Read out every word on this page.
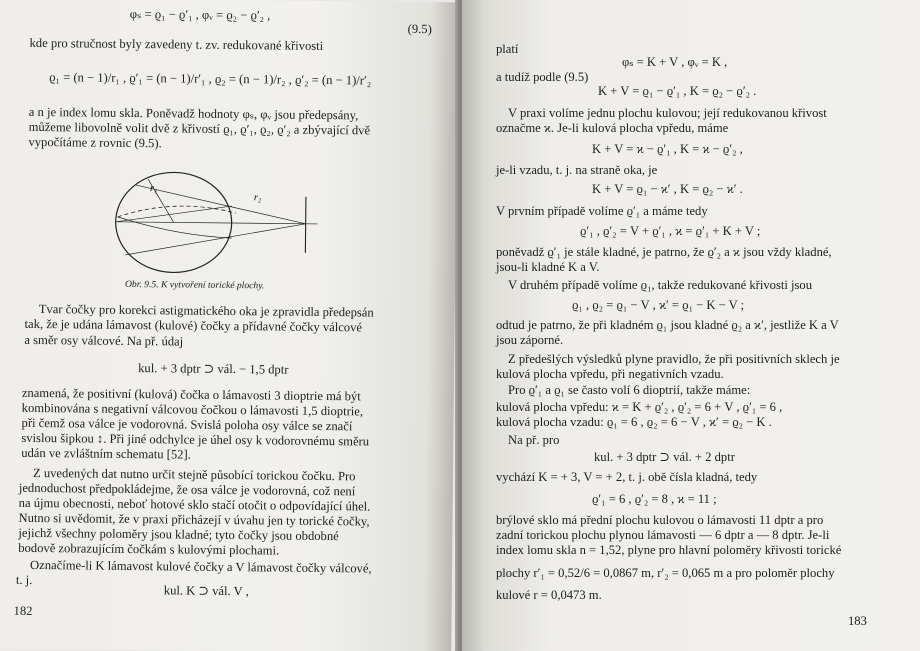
φₛ = ϱ₁ − ϱ′₁ , φᵥ = ϱ₂ − ϱ′₂ ,
(9.5)
kde pro stručnost byly zavedeny t. zv. redukované křivosti
ϱ₁ = (n − 1)/r₁ , ϱ′₁ = (n − 1)/r′₁ , ϱ₂ = (n − 1)/r₂ , ϱ′₂ = (n − 1)/r′₂
a n je index lomu skla. Poněvadž hodnoty φₛ, φᵥ jsou předepsány,
můžeme libovolně volit dvě z křivostí ϱ₁, ϱ′₁, ϱ₂, ϱ′₂ a zbývající dvě
vypočítáme z rovnic (9.5).
r₁
r₂
Obr. 9.5. K vytvoření torické plochy.
Tvar čočky pro korekci astigmatického oka je zpravidla předepsán
tak, že je udána lámavost (kulové) čočky a přídavné čočky válcové
a směr osy válcové. Na př. údaj
kul. + 3 dptr ⊃ vál. − 1,5 dptr
znamená, že positivní (kulová) čočka o lámavosti 3 dioptrie má být
kombinována s negativní válcovou čočkou o lámavosti 1,5 dioptrie,
při čemž osa válce je vodorovná. Svislá poloha osy válce se značí
svislou šipkou ↕. Při jiné odchylce je úhel osy k vodorovnému směru
udán ve zvláštním schematu [52].
Z uvedených dat nutno určit stejně působící torickou čočku. Pro
jednoduchost předpokládejme, že osa válce je vodorovná, což není
na újmu obecnosti, neboť hotové sklo stačí otočit o odpovídající úhel.
Nutno si uvědomit, že v praxi přicházejí v úvahu jen ty torické čočky,
jejichž všechny poloměry jsou kladné; tyto čočky jsou obdobné
bodově zobrazujícím čočkám s kulovými plochami.
Označíme-li K lámavost kulové čočky a V lámavost čočky válcové,
t. j.
kul. K ⊃ vál. V ,
182
platí
φₛ = K + V , φᵥ = K ,
a tudíž podle (9.5)
K + V = ϱ₁ − ϱ′₁ , K = ϱ₂ − ϱ′₂ .
V praxi volíme jednu plochu kulovou; její redukovanou křivost
označme ϰ. Je-li kulová plocha vpředu, máme
K + V = ϰ − ϱ′₁ , K = ϰ − ϱ′₂ ,
je-li vzadu, t. j. na straně oka, je
K + V = ϱ₁ − ϰ′ , K = ϱ₂ − ϰ′ .
V prvním případě volíme ϱ′₁ a máme tedy
ϱ′₁ , ϱ′₂ = V + ϱ′₁ , ϰ = ϱ′₁ + K + V ;
poněvadž ϱ′₁ je stále kladné, je patrno, že ϱ′₂ a ϰ jsou vždy kladné,
jsou-li kladné K a V.
V druhém případě volíme ϱ₁, takže redukované křivosti jsou
ϱ₁ , ϱ₂ = ϱ₁ − V , ϰ′ = ϱ₁ − K − V ;
odtud je patrno, že při kladném ϱ₁ jsou kladné ϱ₂ a ϰ′, jestliže K a V
jsou záporné.
Z předešlých výsledků plyne pravidlo, že při positivních sklech je
kulová plocha vpředu, při negativních vzadu.
Pro ϱ′₁ a ϱ₁ se často volí 6 dioptrií, takže máme:
kulová plocha vpředu: ϰ = K + ϱ′₂ , ϱ′₂ = 6 + V , ϱ′₁ = 6 ,
kulová plocha vzadu: ϱ₁ = 6 , ϱ₂ = 6 − V , ϰ′ = ϱ₂ − K .
Na př. pro
kul. + 3 dptr ⊃ vál. + 2 dptr
vychází K = + 3, V = + 2, t. j. obě čísla kladná, tedy
ϱ′₁ = 6 , ϱ′₂ = 8 , ϰ = 11 ;
brýlové sklo má přední plochu kulovou o lámavosti 11 dptr a pro
zadní torickou plochu plynou lámavosti — 6 dptr a — 8 dptr. Je-li
index lomu skla n = 1,52, plyne pro hlavní poloměry křivosti torické
plochy r′₁ = 0,52/6 = 0,0867 m, r′₂ = 0,065 m a pro poloměr plochy
kulové r = 0,0473 m.
183
